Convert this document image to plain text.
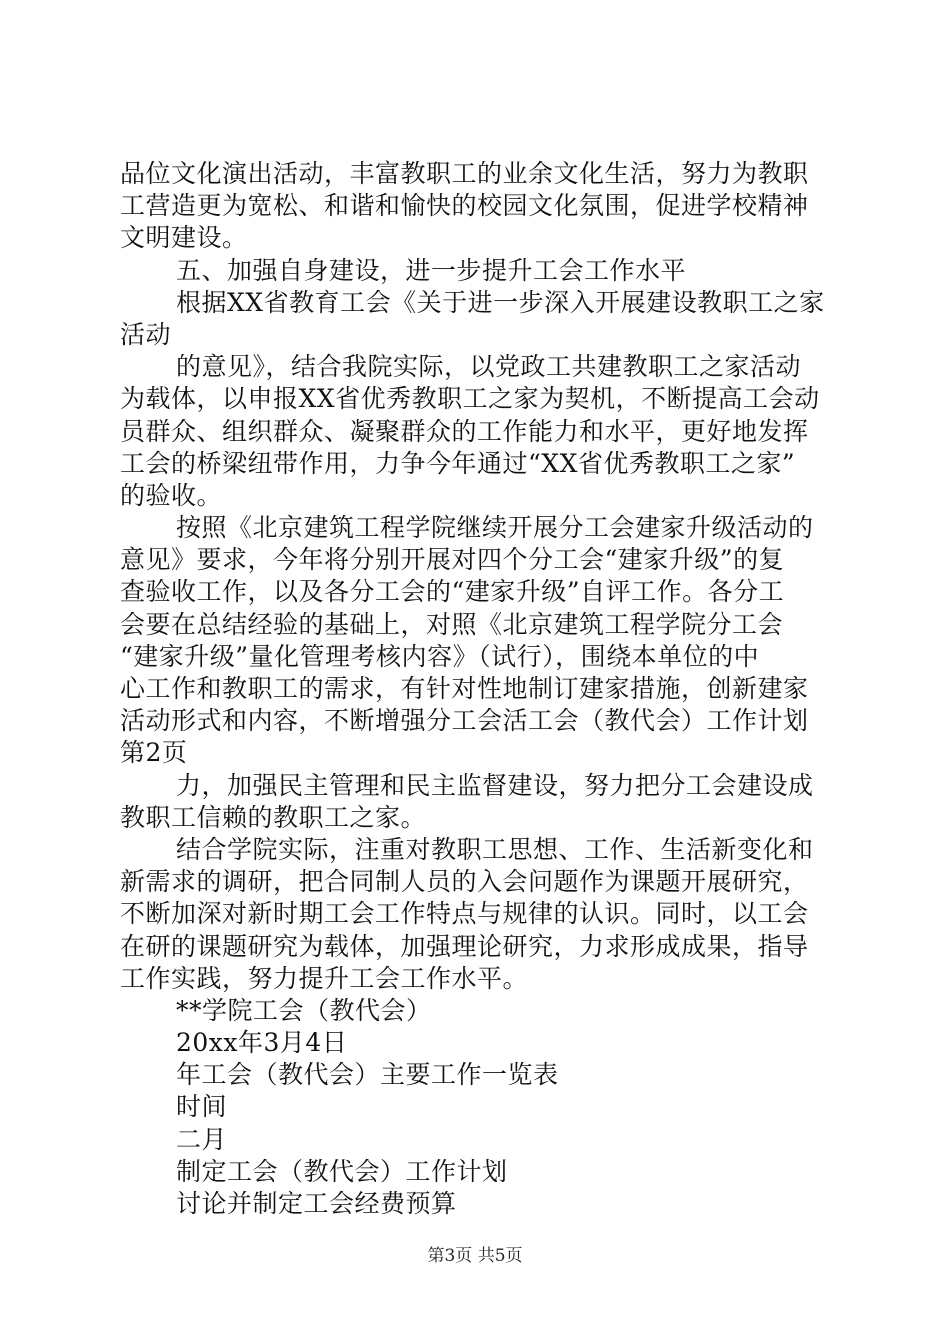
品位文化演出活动，丰富教职工的业余文化生活，努力为教职
工营造更为宽松、和谐和愉快的校园文化氛围，促进学校精神
文明建设。
五、加强自身建设，进一步提升工会工作水平
根据XX省教育工会《关于进一步深入开展建设教职工之家
活动
的意见》，结合我院实际，以党政工共建教职工之家活动
为载体，以申报XX省优秀教职工之家为契机，不断提高工会动
员群众、组织群众、凝聚群众的工作能力和水平，更好地发挥
工会的桥梁纽带作用，力争今年通过“XX省优秀教职工之家”
的验收。
按照《北京建筑工程学院继续开展分工会建家升级活动的
意见》要求，今年将分别开展对四个分工会“建家升级”的复
查验收工作，以及各分工会的“建家升级”自评工作。各分工
会要在总结经验的基础上，对照《北京建筑工程学院分工会
“建家升级”量化管理考核内容》（试行），围绕本单位的中
心工作和教职工的需求，有针对性地制订建家措施，创新建家
活动形式和内容，不断增强分工会活工会（教代会）工作计划
第2页
力，加强民主管理和民主监督建设，努力把分工会建设成
教职工信赖的教职工之家。
结合学院实际，注重对教职工思想、工作、生活新变化和
新需求的调研，把合同制人员的入会问题作为课题开展研究，
不断加深对新时期工会工作特点与规律的认识。同时，以工会
在研的课题研究为载体，加强理论研究，力求形成成果，指导
工作实践，努力提升工会工作水平。
**学院工会（教代会）
20xx年3月4日
年工会（教代会）主要工作一览表
时间
二月
制定工会（教代会）工作计划
讨论并制定工会经费预算
第3页 共5页
